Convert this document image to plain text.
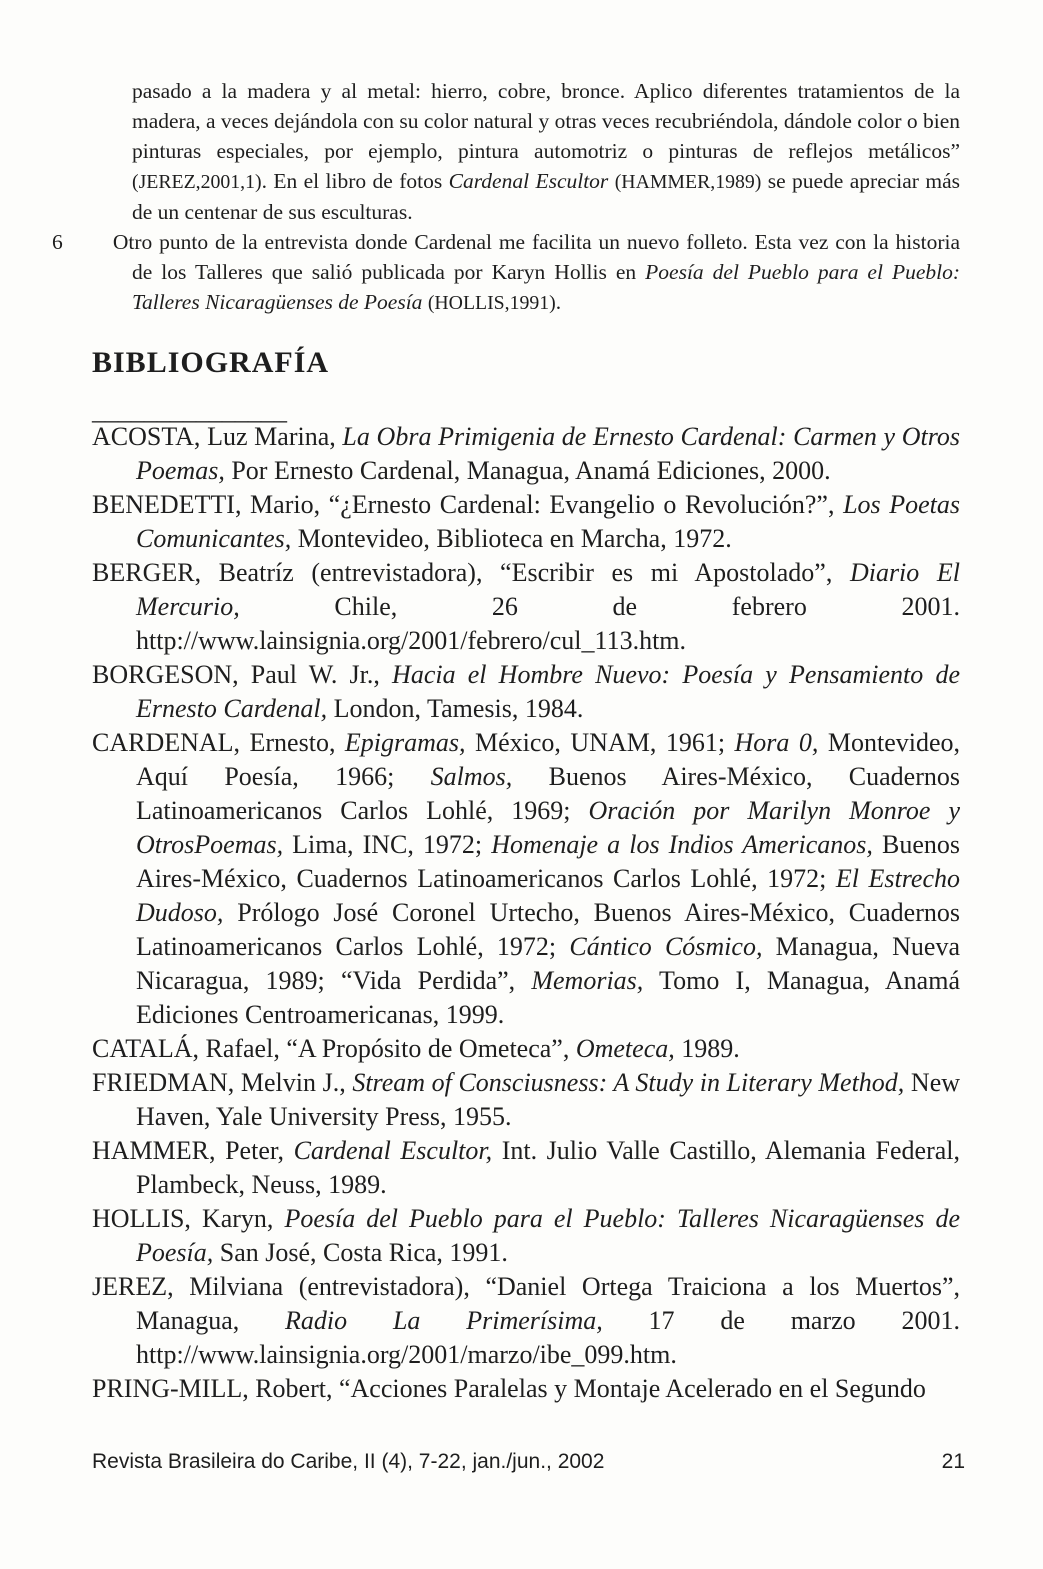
pasado a la madera y al metal: hierro, cobre, bronce. Aplico diferentes tratamientos de la madera, a veces dejándola con su color natural y otras veces recubriéndola, dándole color o bien pinturas especiales, por ejemplo, pintura automotriz o pinturas de reflejos metálicos” (JEREZ,2001,1). En el libro de fotos Cardenal Escultor (HAMMER,1989) se puede apreciar más de un centenar de sus esculturas.

6 Otro punto de la entrevista donde Cardenal me facilita un nuevo folleto. Esta vez con la historia de los Talleres que salió publicada por Karyn Hollis en Poesía del Pueblo para el Pueblo: Talleres Nicaragüenses de Poesía (HOLLIS,1991).

BIBLIOGRAFÍA
_______________
ACOSTA, Luz Marina, La Obra Primigenia de Ernesto Cardenal: Carmen y Otros Poemas, Por Ernesto Cardenal, Managua, Anamá Ediciones, 2000.
BENEDETTI, Mario, “¿Ernesto Cardenal: Evangelio o Revolución?”, Los Poetas Comunicantes, Montevideo, Biblioteca en Marcha, 1972.
BERGER, Beatríz (entrevistadora), “Escribir es mi Apostolado”, Diario El Mercurio, Chile, 26 de febrero 2001. http://www.lainsignia.org/2001/febrero/cul_113.htm.
BORGESON, Paul W. Jr., Hacia el Hombre Nuevo: Poesía y Pensamiento de Ernesto Cardenal, London, Tamesis, 1984.
CARDENAL, Ernesto, Epigramas, México, UNAM, 1961; Hora 0, Montevideo, Aquí Poesía, 1966; Salmos, Buenos Aires-México, Cuadernos Latinoamericanos Carlos Lohlé, 1969; Oración por Marilyn Monroe y OtrosPoemas, Lima, INC, 1972; Homenaje a los Indios Americanos, Buenos Aires-México, Cuadernos Latinoamericanos Carlos Lohlé, 1972; El Estrecho Dudoso, Prólogo José Coronel Urtecho, Buenos Aires-México, Cuadernos Latinoamericanos Carlos Lohlé, 1972; Cántico Cósmico, Managua, Nueva Nicaragua, 1989; “Vida Perdida”, Memorias, Tomo I, Managua, Anamá Ediciones Centroamericanas, 1999.
CATALÁ, Rafael, “A Propósito de Ometeca”, Ometeca, 1989.
FRIEDMAN, Melvin J., Stream of Consciusness: A Study in Literary Method, New Haven, Yale University Press, 1955.
HAMMER, Peter, Cardenal Escultor, Int. Julio Valle Castillo, Alemania Federal, Plambeck, Neuss, 1989.
HOLLIS, Karyn, Poesía del Pueblo para el Pueblo: Talleres Nicaragüenses de Poesía, San José, Costa Rica, 1991.
JEREZ, Milviana (entrevistadora), “Daniel Ortega Traiciona a los Muertos”, Managua, Radio La Primerísima, 17 de marzo 2001. http://www.lainsignia.org/2001/marzo/ibe_099.htm.
PRING-MILL, Robert, “Acciones Paralelas y Montaje Acelerado en el Segundo
Revista Brasileira do Caribe, II (4), 7-22, jan./jun., 2002	21
